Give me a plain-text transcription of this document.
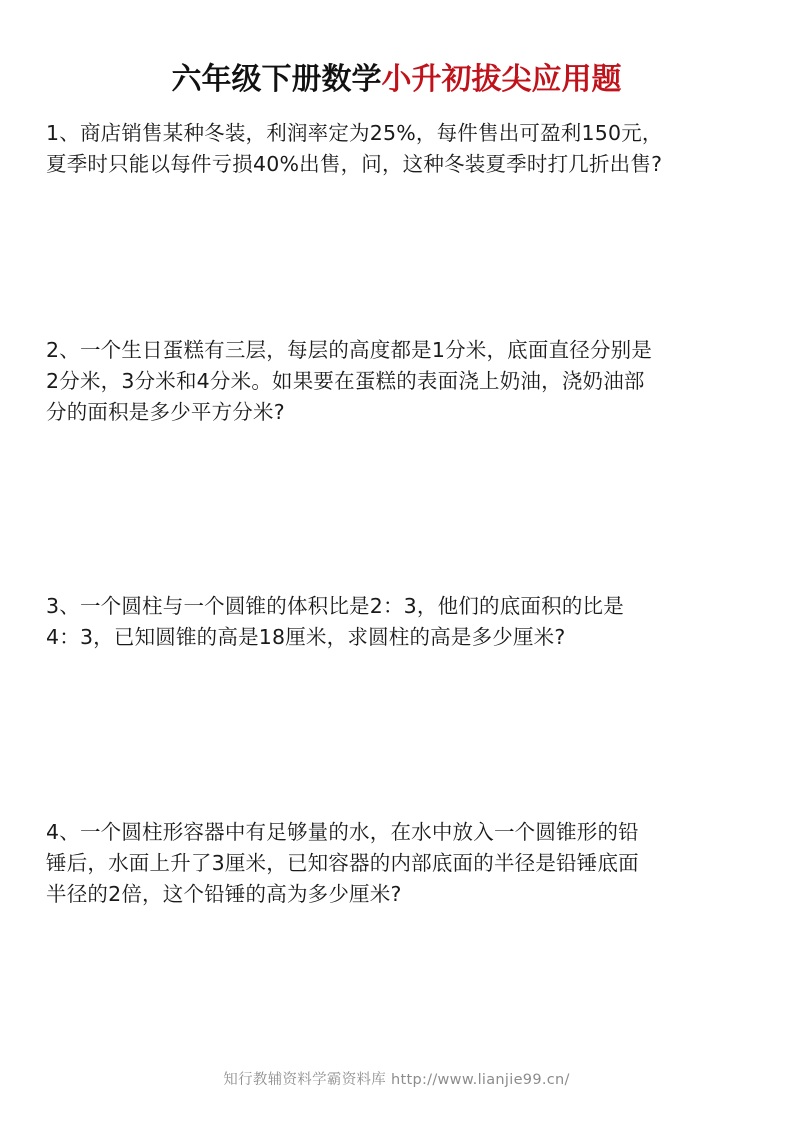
六年级下册数学小升初拔尖应用题
1、商店销售某种冬装，利润率定为25%，每件售出可盈利150元，
夏季时只能以每件亏损40%出售，问，这种冬装夏季时打几折出售?
2、一个生日蛋糕有三层，每层的高度都是1分米，底面直径分别是
2分米，3分米和4分米。如果要在蛋糕的表面浇上奶油，浇奶油部
分的面积是多少平方分米?
3、一个圆柱与一个圆锥的体积比是2：3，他们的底面积的比是
4：3，已知圆锥的高是18厘米，求圆柱的高是多少厘米?
4、一个圆柱形容器中有足够量的水，在水中放入一个圆锥形的铅
锤后，水面上升了3厘米，已知容器的内部底面的半径是铅锤底面
半径的2倍，这个铅锤的高为多少厘米?
知行教辅资料学霸资料库 http://www.lianjie99.cn/
